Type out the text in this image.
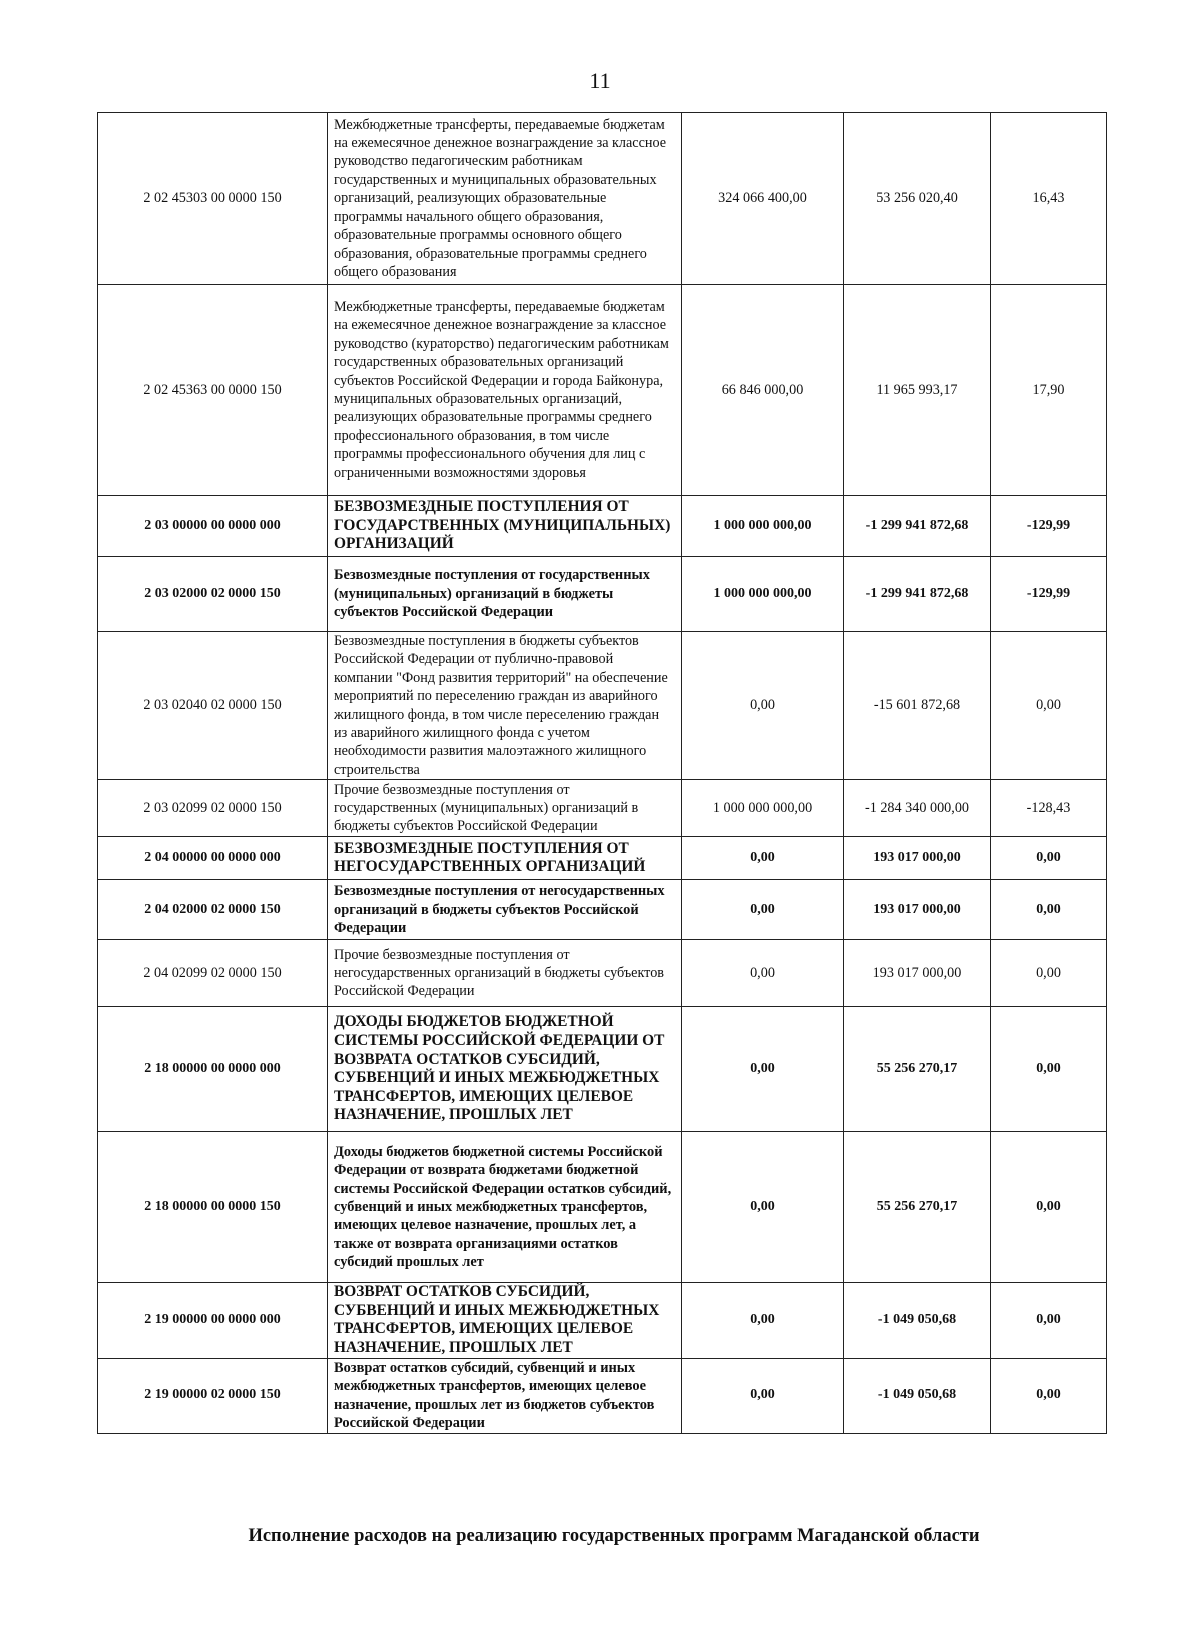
11
2 02 45303 00 0000 150	Межбюджетные трансферты, передаваемые бюджетам на ежемесячное денежное вознаграждение за классное руководство педагогическим работникам государственных и муниципальных образовательных организаций, реализующих образовательные программы начального общего образования, образовательные программы основного общего образования, образовательные программы среднего общего образования	324 066 400,00	53 256 020,40	16,43
2 02 45363 00 0000 150	Межбюджетные трансферты, передаваемые бюджетам на ежемесячное денежное вознаграждение за классное руководство (кураторство) педагогическим работникам государственных образовательных организаций субъектов Российской Федерации и города Байконура, муниципальных образовательных организаций, реализующих образовательные программы среднего профессионального образования, в том числе программы профессионального обучения для лиц с ограниченными возможностями здоровья	66 846 000,00	11 965 993,17	17,90
2 03 00000 00 0000 000	БЕЗВОЗМЕЗДНЫЕ ПОСТУПЛЕНИЯ ОТ ГОСУДАРСТВЕННЫХ (МУНИЦИПАЛЬНЫХ) ОРГАНИЗАЦИЙ	1 000 000 000,00	-1 299 941 872,68	-129,99
2 03 02000 02 0000 150	Безвозмездные поступления от государственных (муниципальных) организаций в бюджеты субъектов Российской Федерации	1 000 000 000,00	-1 299 941 872,68	-129,99
2 03 02040 02 0000 150	Безвозмездные поступления в бюджеты субъектов Российской Федерации от публично-правовой компании "Фонд развития территорий" на обеспечение мероприятий по переселению граждан из аварийного жилищного фонда, в том числе переселению граждан из аварийного жилищного фонда с учетом необходимости развития малоэтажного жилищного строительства	0,00	-15 601 872,68	0,00
2 03 02099 02 0000 150	Прочие безвозмездные поступления от государственных (муниципальных) организаций в бюджеты субъектов Российской Федерации	1 000 000 000,00	-1 284 340 000,00	-128,43
2 04 00000 00 0000 000	БЕЗВОЗМЕЗДНЫЕ ПОСТУПЛЕНИЯ ОТ НЕГОСУДАРСТВЕННЫХ ОРГАНИЗАЦИЙ	0,00	193 017 000,00	0,00
2 04 02000 02 0000 150	Безвозмездные поступления от негосударственных организаций в бюджеты субъектов Российской Федерации	0,00	193 017 000,00	0,00
2 04 02099 02 0000 150	Прочие безвозмездные поступления от негосударственных организаций в бюджеты субъектов Российской Федерации	0,00	193 017 000,00	0,00
2 18 00000 00 0000 000	ДОХОДЫ БЮДЖЕТОВ БЮДЖЕТНОЙ СИСТЕМЫ РОССИЙСКОЙ ФЕДЕРАЦИИ ОТ ВОЗВРАТА ОСТАТКОВ СУБСИДИЙ, СУБВЕНЦИЙ И ИНЫХ МЕЖБЮДЖЕТНЫХ ТРАНСФЕРТОВ, ИМЕЮЩИХ ЦЕЛЕВОЕ НАЗНАЧЕНИЕ, ПРОШЛЫХ ЛЕТ	0,00	55 256 270,17	0,00
2 18 00000 00 0000 150	Доходы бюджетов бюджетной системы Российской Федерации от возврата бюджетами бюджетной системы Российской Федерации остатков субсидий, субвенций и иных межбюджетных трансфертов, имеющих целевое назначение, прошлых лет, а также от возврата организациями остатков субсидий прошлых лет	0,00	55 256 270,17	0,00
2 19 00000 00 0000 000	ВОЗВРАТ ОСТАТКОВ СУБСИДИЙ, СУБВЕНЦИЙ И ИНЫХ МЕЖБЮДЖЕТНЫХ ТРАНСФЕРТОВ, ИМЕЮЩИХ ЦЕЛЕВОЕ НАЗНАЧЕНИЕ, ПРОШЛЫХ ЛЕТ	0,00	-1 049 050,68	0,00
2 19 00000 02 0000 150	Возврат остатков субсидий, субвенций и иных межбюджетных трансфертов, имеющих целевое назначение, прошлых лет из бюджетов субъектов Российской Федерации	0,00	-1 049 050,68	0,00
Исполнение расходов на реализацию государственных программ Магаданской области
